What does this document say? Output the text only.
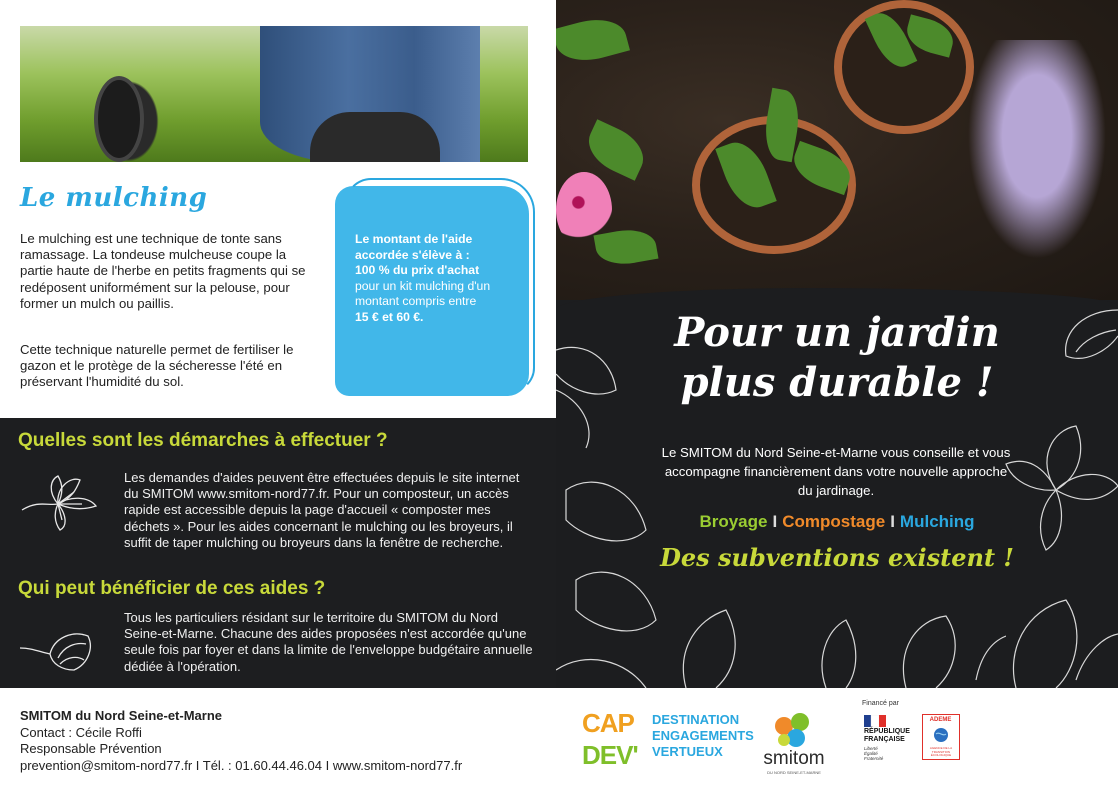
Le mulching

Le mulching est une technique de tonte sans ramassage. La tondeuse mulcheuse coupe la partie haute de l'herbe en petits fragments qui se redéposent uniformément sur la pelouse, pour former un mulch ou paillis.

Cette technique naturelle permet de fertiliser le gazon et le protège de la sécheresse l'été en préservant l'humidité du sol.

Le montant de l'aide accordée s'élève à :
100 % du prix d'achat
pour un kit mulching d'un montant compris entre
15 € et 60 €.
Quelles sont les démarches à effectuer ?

Les demandes d'aides peuvent être effectuées depuis le site internet du SMITOM www.smitom-nord77.fr. Pour un composteur, un accès rapide est accessible depuis la page d'accueil « composter mes déchets ». Pour les aides concernant le mulching ou les broyeurs, il suffit de taper mulching ou broyeurs dans la fenêtre de recherche.

Qui peut bénéficier de ces aides ?

Tous les particuliers résidant sur le territoire du SMITOM du Nord Seine-et-Marne. Chacune des aides proposées n'est accordée qu'une seule fois par foyer et dans la limite de l'enveloppe budgétaire annuelle dédiée à l'opération.

Pour un jardin
plus durable !

Le SMITOM du Nord Seine-et-Marne vous conseille et vous accompagne financièrement dans votre nouvelle approche du jardinage.

Broyage I Compostage I Mulching
Des subventions existent !
SMITOM du Nord Seine-et-Marne
Contact : Cécile Roffi
Responsable Prévention
prevention@smitom-nord77.fr I Tél. : 01.60.44.46.04 I www.smitom-nord77.fr
CAP
DEV'
DESTINATION
ENGAGEMENTS
VERTUEUX	smitom
DU NORD SEINE-ET-MARNE
Financé par
RÉPUBLIQUE
FRANÇAISE
Liberté
Égalité
Fraternité
ADEME
AGENCE DE LA TRANSITION ÉCOLOGIQUE
